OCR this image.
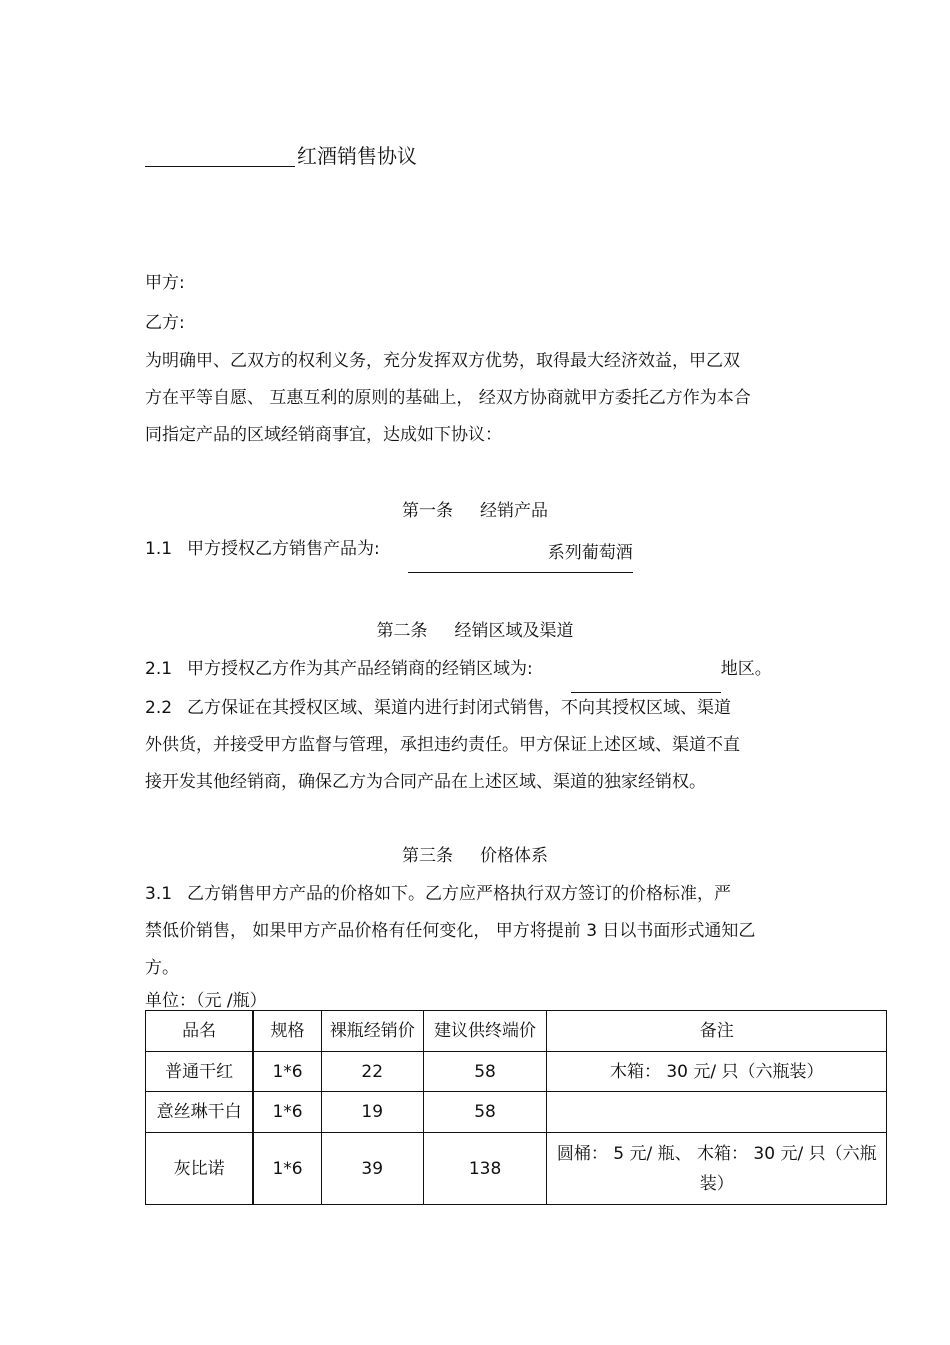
红酒销售协议
甲方:
乙方:
为明确甲、乙双方的权利义务，充分发挥双方优势，取得最大经济效益，甲乙双
方在平等自愿、 互惠互利的原则的基础上， 经双方协商就甲方委托乙方作为本合
同指定产品的区域经销商事宜，达成如下协议：
第一条     经销产品
1.1 甲方授权乙方销售产品为:	系列葡萄酒
第二条     经销区域及渠道
2.1 甲方授权乙方作为其产品经销商的经销区域为:	地区。
2.2 乙方保证在其授权区域、渠道内进行封闭式销售，不向其授权区域、渠道
外供货，并接受甲方监督与管理，承担违约责任。甲方保证上述区域、渠道不直
接开发其他经销商，确保乙方为合同产品在上述区域、渠道的独家经销权。
第三条     价格体系
3.1 乙方销售甲方产品的价格如下。乙方应严格执行双方签订的价格标准，严
禁低价销售， 如果甲方产品价格有任何变化， 甲方将提前 3 日以书面形式通知乙
方。
单位：（元 /瓶）
品名	规格	裸瓶经销价	建议供终端价	备注
普通干红	1*6	22	58	木箱： 30 元/ 只（六瓶装）
意丝琳干白	1*6	19	58	
灰比诺	1*6	39	138	圆桶： 5 元/ 瓶、 木箱： 30 元/ 只（六瓶装）
